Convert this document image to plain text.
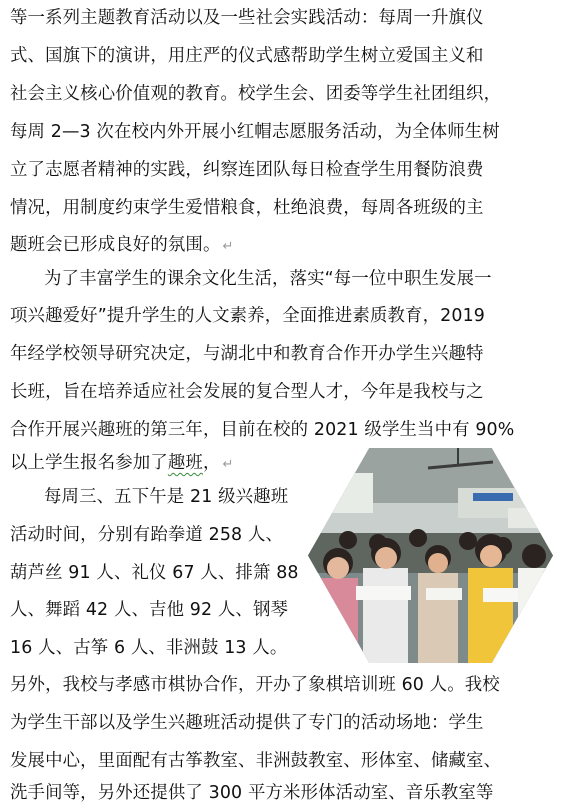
等一系列主题教育活动以及一些社会实践活动：每周一升旗仪
式、国旗下的演讲，用庄严的仪式感帮助学生树立爱国主义和
社会主义核心价值观的教育。校学生会、团委等学生社团组织，
每周 2—3 次在校内外开展小红帽志愿服务活动，为全体师生树
立了志愿者精神的实践，纠察连团队每日检查学生用餐防浪费
情况，用制度约束学生爱惜粮食，杜绝浪费，每周各班级的主
题班会已形成良好的氛围。 ↵
为了丰富学生的课余文化生活，落实“每一位中职生发展一
项兴趣爱好”提升学生的人文素养，全面推进素质教育，2019
年经学校领导研究决定，与湖北中和教育合作开办学生兴趣特
长班，旨在培养适应社会发展的复合型人才，今年是我校与之
合作开展兴趣班的第三年，目前在校的 2021 级学生当中有 90%
以上学生报名参加了趣班， ↵
每周三、五下午是 21 级兴趣班
活动时间，分别有跆拳道 258 人、
葫芦丝 91 人、礼仪 67 人、排箫 88
人、舞蹈 42 人、吉他 92 人、钢琴
16 人、古筝 6 人、非洲鼓 13 人。
另外，我校与孝感市棋协合作，开办了象棋培训班 60 人。我校
为学生干部以及学生兴趣班活动提供了专门的活动场地：学生
发展中心，里面配有古筝教室、非洲鼓教室、形体室、储藏室、
洗手间等，另外还提供了 300 平方米形体活动室、音乐教室等
